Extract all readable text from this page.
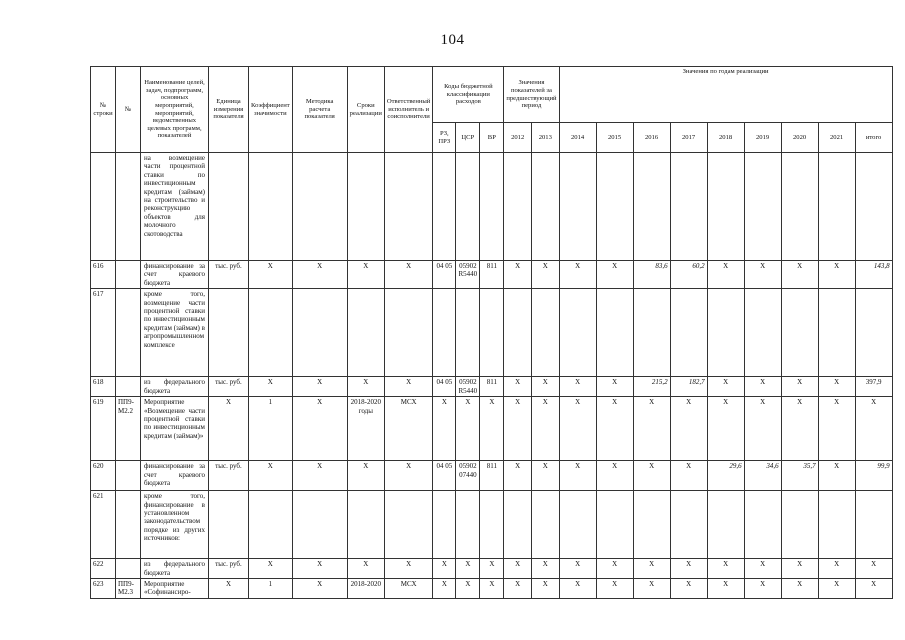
104
№ строки	№	Наименование целей, задач, подпрограмм, основных мероприятий, мероприятий, ведомственных целевых программ, показателей	Единица измерения показателя	Коэффициент значимости	Методика расчета показателя	Сроки реализации	Ответственный исполнитель и соисполнители	Коды бюджетной классификации расходов			Значения показателей за предшествующий период		Значения по годам реализации								
								РЗ, ПРЗ	ЦСР	ВР	2012	2013	2014	2015	2016	2017	2018	2019	2020	2021	итого
		на возмещение части процентной ставки по инвестиционным кредитам (займам) на строительство и реконструкцию объектов для молочного скотоводства																			
616		финансирование за счет краевого бюджета	тыс. руб.	Х	Х	Х	Х	04 05	05902 R5440	811	Х	Х	Х	Х	83,6	60,2	Х	Х	Х	Х	143,8
617		кроме того, возмещение части процентной ставки по инвестиционным кредитам (займам) в агропромышленном комплексе																			
618		из федерального бюджета	тыс. руб.	Х	Х	Х	Х	04 05	05902 R5440	811	Х	Х	Х	Х	215,2	182,7	Х	Х	Х	Х	397,9
619	ПП9-М2.2	Мероприятие «Возмещение части процентной ставки по инвестиционным кредитам (займам)»	Х	1	Х	2018-2020 годы	МСХ	Х	Х	Х	Х	Х	Х	Х	Х	Х	Х	Х	Х	Х	Х
620		финансирование за счет краевого бюджета	тыс. руб.	Х	Х	Х	Х	04 05	05902 07440	811	Х	Х	Х	Х	Х	Х	29,6	34,6	35,7	Х	99,9
621		кроме того, финансирование в установленном законодательством порядке из других источников:																			
622		из федерального бюджета	тыс. руб.	Х	Х	Х	Х	Х	Х	Х	Х	Х	Х	Х	Х	Х	Х	Х	Х	Х	Х
623	ПП9-М2.3	Мероприятие «Софинансиро-	Х	1	Х	2018-2020	МСХ	Х	Х	Х	Х	Х	Х	Х	Х	Х	Х	Х	Х	Х	Х
